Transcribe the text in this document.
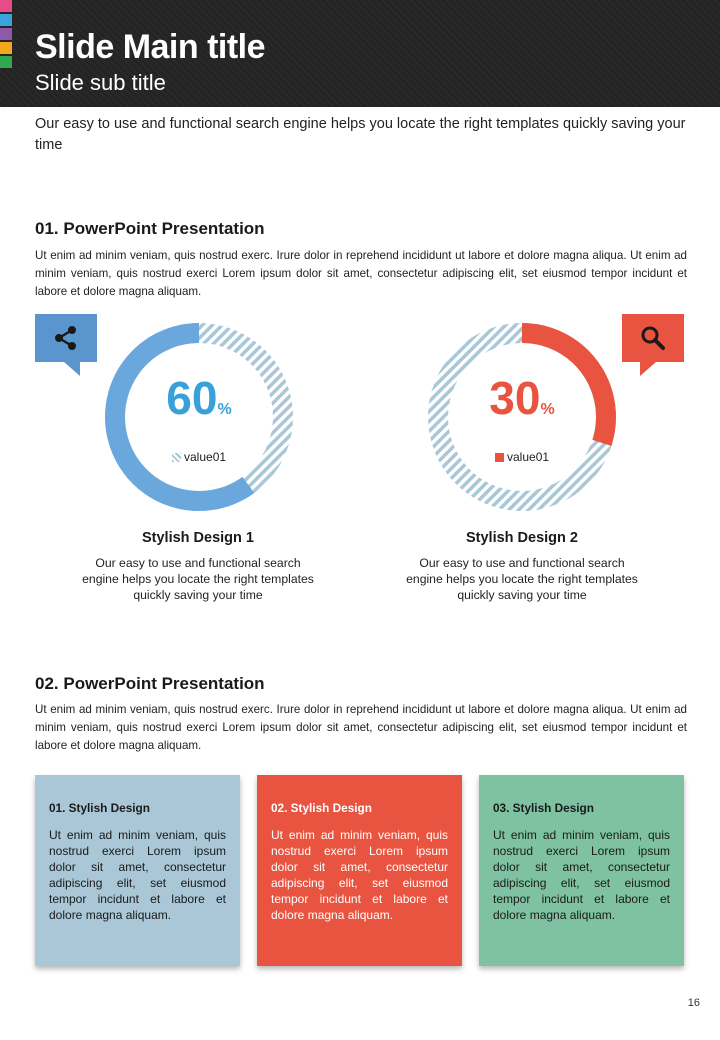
Slide Main title
Slide sub title
Our easy to use and functional search engine helps you locate the right templates quickly saving your time
01. PowerPoint Presentation
Ut enim ad minim veniam, quis nostrud exerc. Irure dolor in reprehend incididunt ut labore et dolore magna aliqua. Ut enim ad minim veniam, quis nostrud exerci Lorem ipsum dolor sit amet, consectetur adipiscing elit, set eiusmod tempor incidunt et labore et dolore magna aliquam.
60%
value01
30%
value01
Stylish Design 1
Our easy to use and functional search engine helps you locate the right templates quickly saving your time
Stylish Design 2
Our easy to use and functional search engine helps you locate the right templates quickly saving your time
02. PowerPoint Presentation
Ut enim ad minim veniam, quis nostrud exerc. Irure dolor in reprehend incididunt ut labore et dolore magna aliqua. Ut enim ad minim veniam, quis nostrud exerci Lorem ipsum dolor sit amet, consectetur adipiscing elit, set eiusmod tempor incidunt et labore et dolore magna aliquam.
01. Stylish Design
Ut enim ad minim veniam, quis nostrud exerci Lorem ipsum dolor sit amet, consectetur adipiscing elit, set eiusmod tempor incidunt et labore et dolore magna aliquam.
02. Stylish Design
Ut enim ad minim veniam, quis nostrud exerci Lorem ipsum dolor sit amet, consectetur adipiscing elit, set eiusmod tempor incidunt et labore et dolore magna aliquam.
03. Stylish Design
Ut enim ad minim veniam, quis nostrud exerci Lorem ipsum dolor sit amet, consectetur adipiscing elit, set eiusmod tempor incidunt et labore et dolore magna aliquam.
16
